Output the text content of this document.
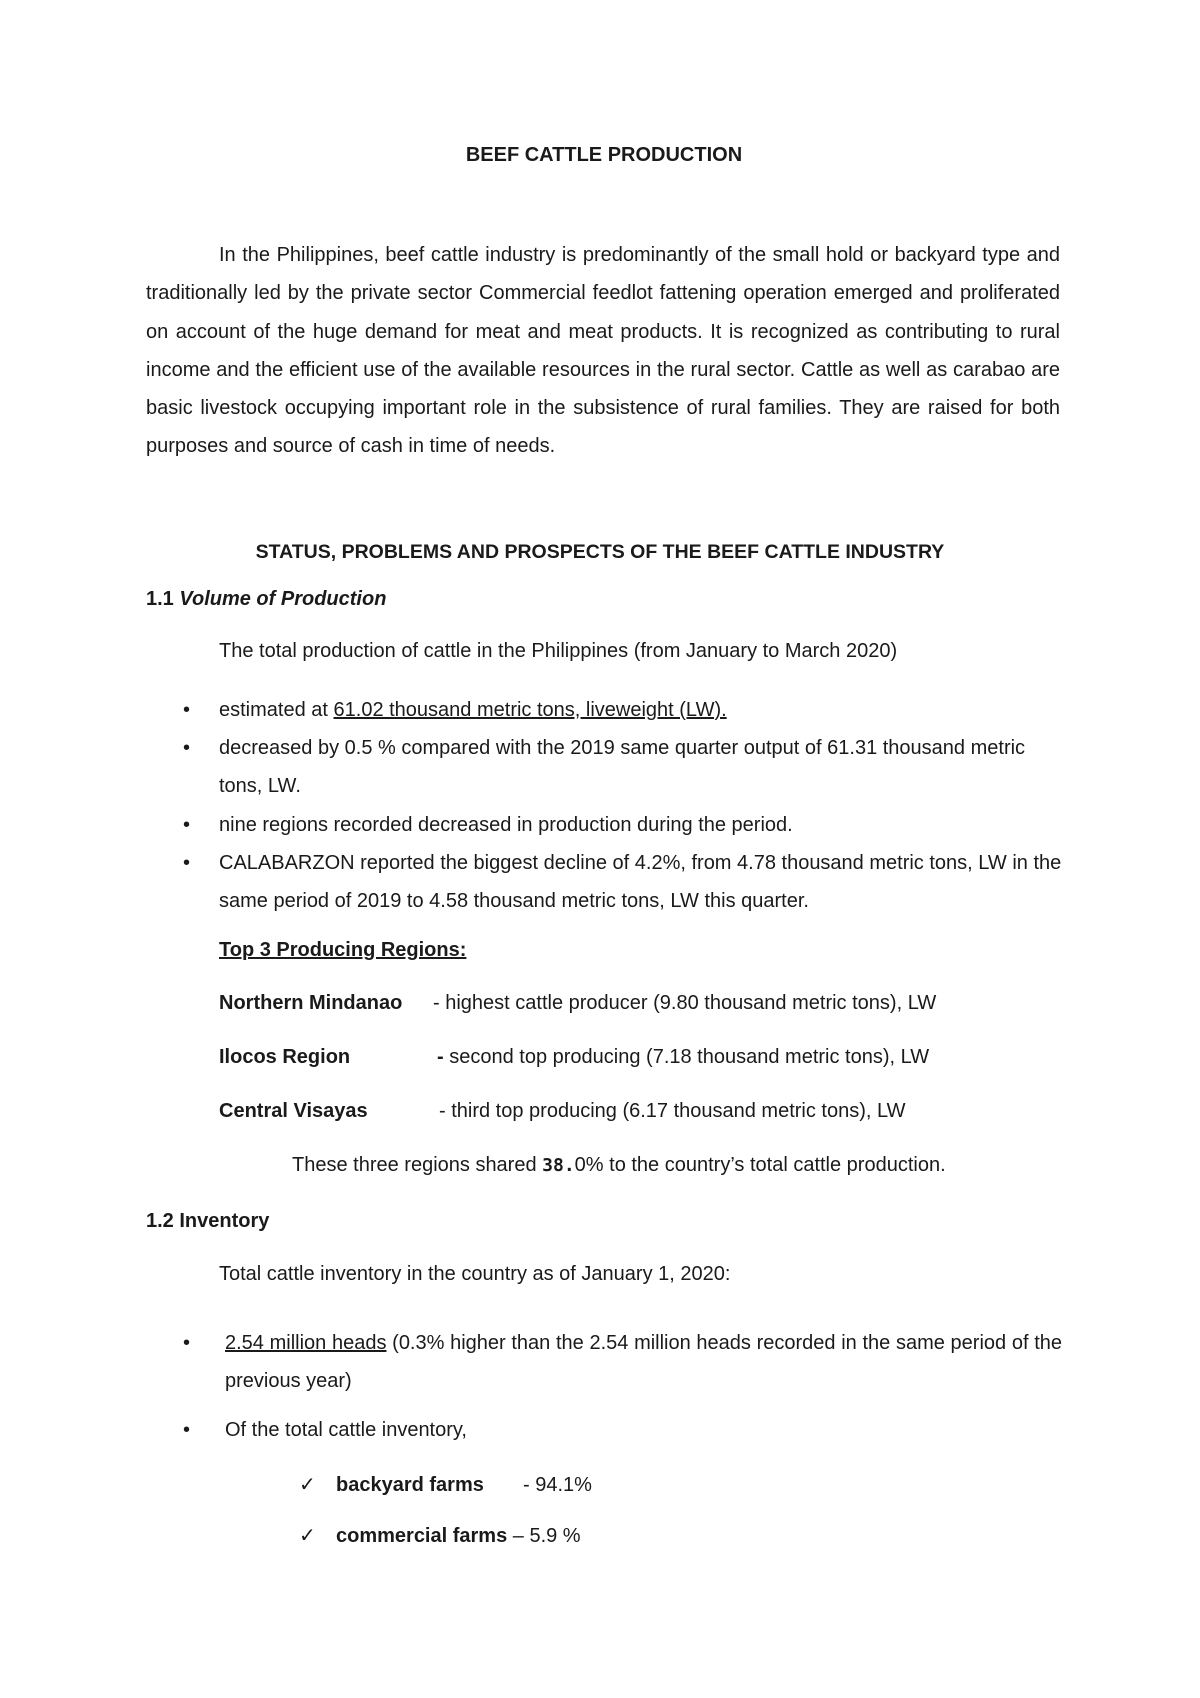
BEEF CATTLE PRODUCTION

In the Philippines, beef cattle industry is predominantly of the small hold or backyard type and traditionally led by the private sector Commercial feedlot fattening operation emerged and proliferated on account of the huge demand for meat and meat products. It is recognized as contributing to rural income and the efficient use of the available resources in the rural sector. Cattle as well as carabao are basic livestock occupying important role in the subsistence of rural families. They are raised for both purposes and source of cash in time of needs.

STATUS, PROBLEMS AND PROSPECTS OF THE BEEF CATTLE INDUSTRY
1.1 Volume of Production
The total production of cattle in the Philippines (from January to March 2020)
• estimated at 61.02 thousand metric tons, liveweight (LW).
• decreased by 0.5 % compared with the 2019 same quarter output of 61.31 thousand metric tons, LW.
• nine regions recorded decreased in production during the period.
• CALABARZON reported the biggest decline of 4.2%, from 4.78 thousand metric tons, LW in the same period of 2019 to 4.58 thousand metric tons, LW this quarter.
Top 3 Producing Regions:
Northern Mindanao - highest cattle producer (9.80 thousand metric tons), LW
Ilocos Region	- second top producing (7.18 thousand metric tons), LW
Central Visayas	- third top producing (6.17 thousand metric tons), LW
These three regions shared 38.0% to the country’s total cattle production.
1.2 Inventory
Total cattle inventory in the country as of January 1, 2020:
• 2.54 million heads (0.3% higher than the 2.54 million heads recorded in the same period of the previous year)
• Of the total cattle inventory,
✓ backyard farms - 94.1%
✓ commercial farms – 5.9 %
